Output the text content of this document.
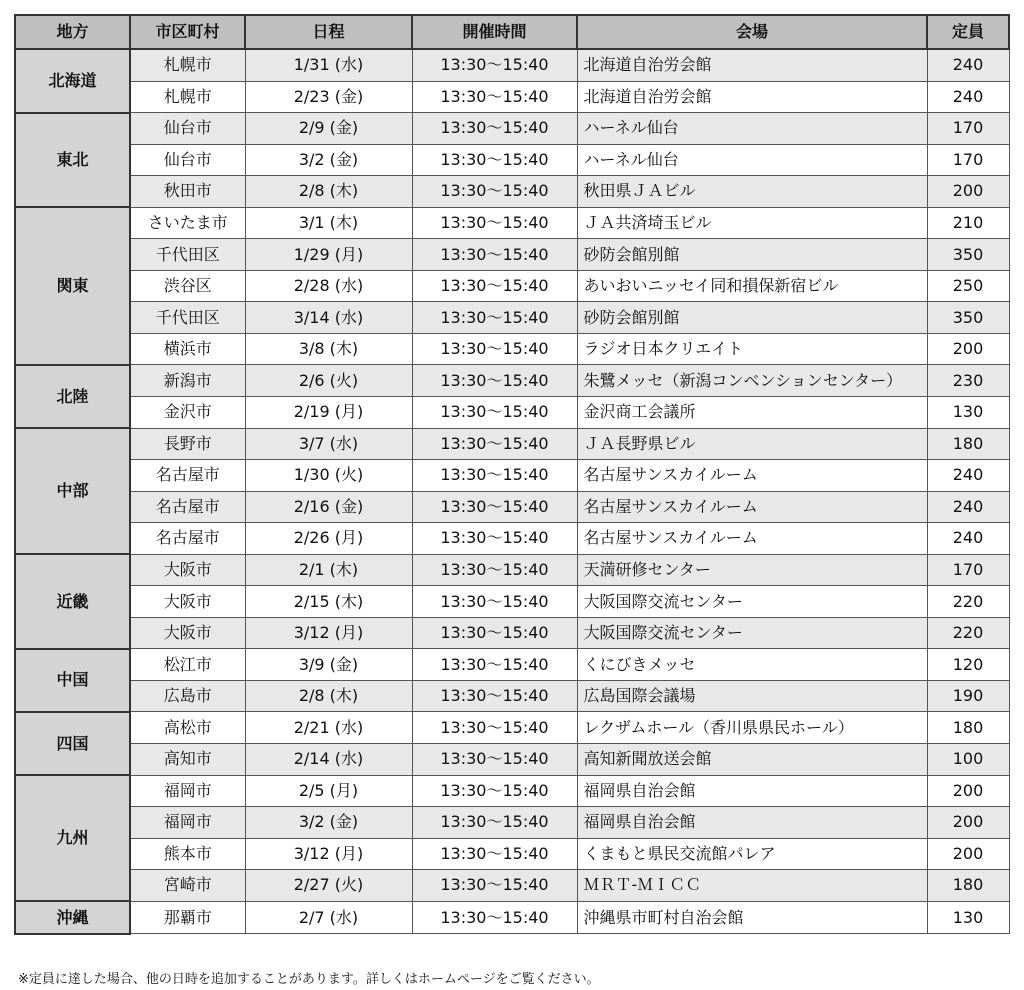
地方	市区町村	日程	開催時間	会場	定員
北海道	札幌市	1/31 (水)	13:30～15:40	北海道自治労会館	240
	札幌市	2/23 (金)	13:30～15:40	北海道自治労会館	240
東北	仙台市	2/9 (金)	13:30～15:40	ハーネル仙台	170
	仙台市	3/2 (金)	13:30～15:40	ハーネル仙台	170
	秋田市	2/8 (木)	13:30～15:40	秋田県ＪＡビル	200
関東	さいたま市	3/1 (木)	13:30～15:40	ＪＡ共済埼玉ビル	210
	千代田区	1/29 (月)	13:30～15:40	砂防会館別館	350
	渋谷区	2/28 (水)	13:30～15:40	あいおいニッセイ同和損保新宿ビル	250
	千代田区	3/14 (水)	13:30～15:40	砂防会館別館	350
	横浜市	3/8 (木)	13:30～15:40	ラジオ日本クリエイト	200
北陸	新潟市	2/6 (火)	13:30～15:40	朱鷺メッセ（新潟コンベンションセンター）	230
	金沢市	2/19 (月)	13:30～15:40	金沢商工会議所	130
中部	長野市	3/7 (水)	13:30～15:40	ＪＡ長野県ビル	180
	名古屋市	1/30 (火)	13:30～15:40	名古屋サンスカイルーム	240
	名古屋市	2/16 (金)	13:30～15:40	名古屋サンスカイルーム	240
	名古屋市	2/26 (月)	13:30～15:40	名古屋サンスカイルーム	240
近畿	大阪市	2/1 (木)	13:30～15:40	天満研修センター	170
	大阪市	2/15 (木)	13:30～15:40	大阪国際交流センター	220
	大阪市	3/12 (月)	13:30～15:40	大阪国際交流センター	220
中国	松江市	3/9 (金)	13:30～15:40	くにびきメッセ	120
	広島市	2/8 (木)	13:30～15:40	広島国際会議場	190
四国	高松市	2/21 (水)	13:30～15:40	レクザムホール（香川県県民ホール）	180
	高知市	2/14 (水)	13:30～15:40	高知新聞放送会館	100
九州	福岡市	2/5 (月)	13:30～15:40	福岡県自治会館	200
	福岡市	3/2 (金)	13:30～15:40	福岡県自治会館	200
	熊本市	3/12 (月)	13:30～15:40	くまもと県民交流館パレア	200
	宮崎市	2/27 (火)	13:30～15:40	ＭＲＴ‐ＭＩＣＣ	180
沖縄	那覇市	2/7 (水)	13:30～15:40	沖縄県市町村自治会館	130
※定員に達した場合、他の日時を追加することがあります。詳しくはホームページをご覧ください。
